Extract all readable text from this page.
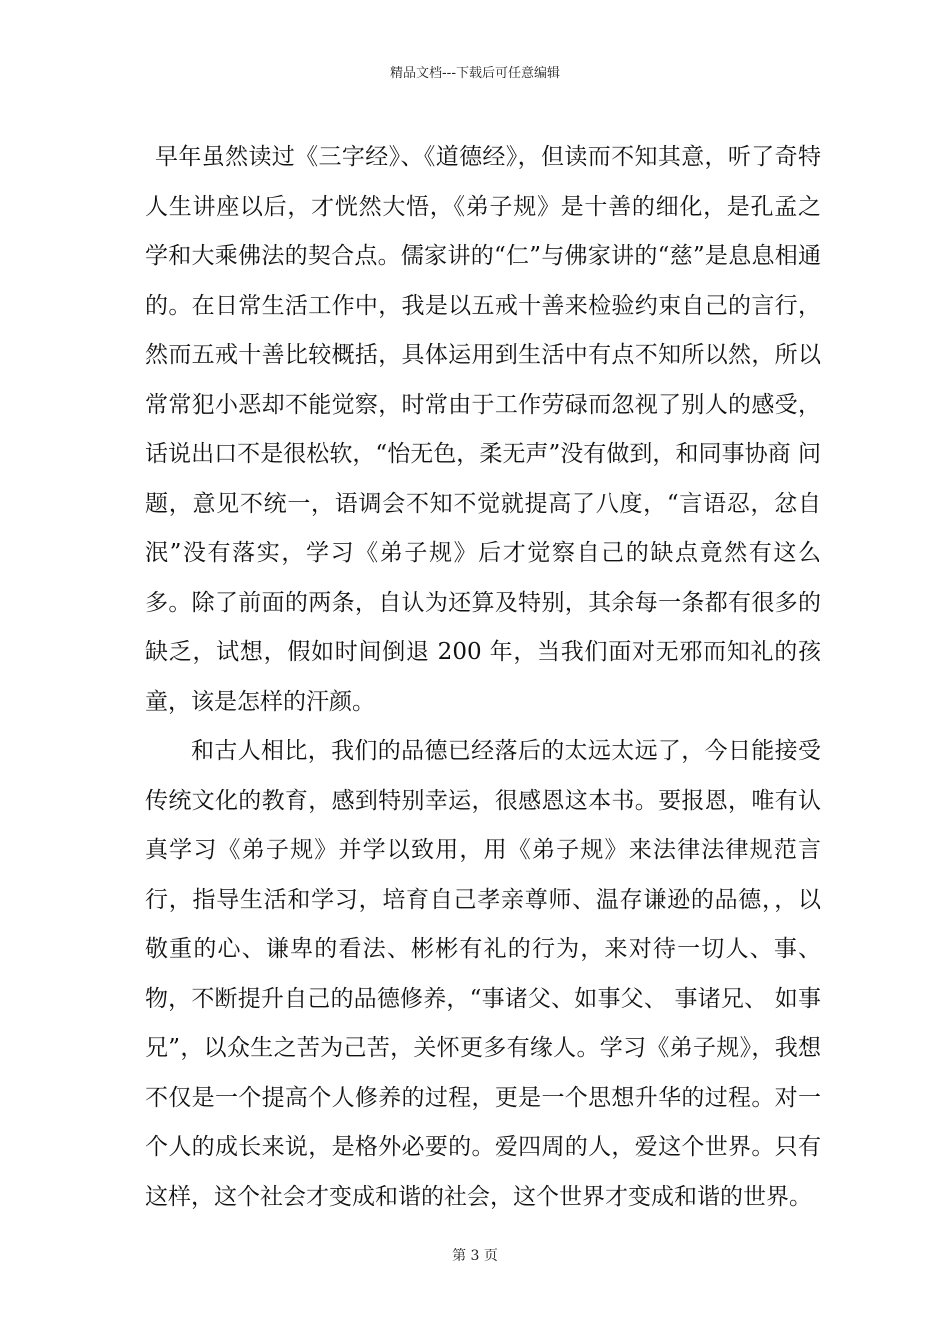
精品文档---下载后可任意编辑

早年虽然读过《三字经》、《道德经》，但读而不知其意，听了奇特人生讲座以后，才恍然大悟，《弟子规》是十善的细化，是孔孟之学和大乘佛法的契合点。儒家讲的“仁”与佛家讲的“慈”是息息相通的。在日常生活工作中，我是以五戒十善来检验约束自己的言行，然而五戒十善比较概括，具体运用到生活中有点不知所以然，所以常常犯小恶却不能觉察，时常由于工作劳碌而忽视了别人的感受，话说出口不是很松软，“怡无色，柔无声”没有做到，和同事协商 问题，意见不统一，语调会不知不觉就提高了八度，“言语忍，忿自泯”没有落实，学习《弟子规》后才觉察自己的缺点竟然有这么多。除了前面的两条，自认为还算及特别，其余每一条都有很多的缺乏，试想，假如时间倒退 200 年，当我们面对无邪而知礼的孩童，该是怎样的汗颜。

和古人相比，我们的品德已经落后的太远太远了，今日能接受传统文化的教育，感到特别幸运，很感恩这本书。要报恩，唯有认真学习《弟子规》并学以致用，用《弟子规》来法律法律规范言行，指导生活和学习，培育自己孝亲尊师、温存谦逊的品德，，以敬重的心、谦卑的看法、彬彬有礼的行为，来对待一切人、事、物，不断提升自己的品德修养，“事诸父、如事父、 事诸兄、 如事兄”，以众生之苦为己苦，关怀更多有缘人。学习《弟子规》，我想不仅是一个提高个人修养的过程，更是一个思想升华的过程。对一个人的成长来说，是格外必要的。爱四周的人，爱这个世界。只有这样，这个社会才变成和谐的社会，这个世界才变成和谐的世界。

第 3 页
